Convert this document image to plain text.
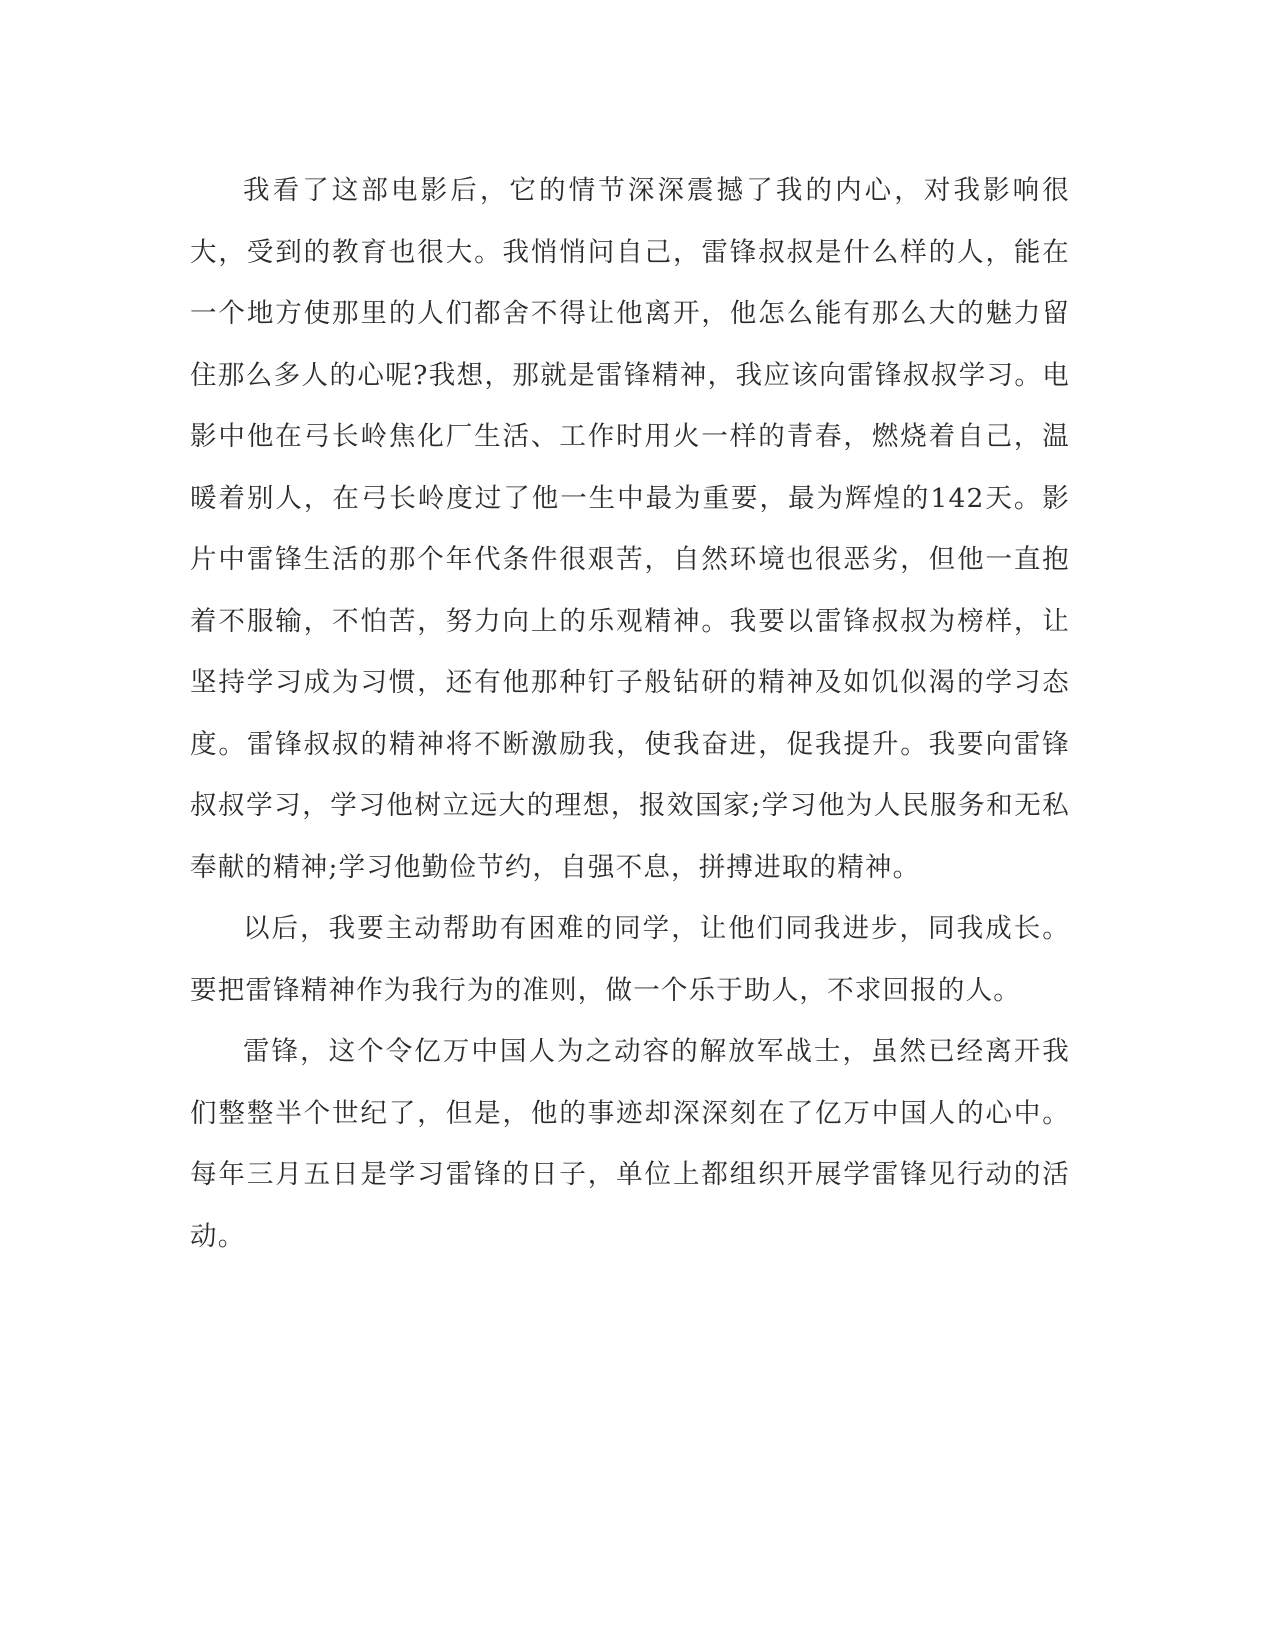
我看了这部电影后，它的情节深深震撼了我的内心，对我影响很大，受到的教育也很大。我悄悄问自己，雷锋叔叔是什么样的人，能在一个地方使那里的人们都舍不得让他离开，他怎么能有那么大的魅力留住那么多人的心呢?我想，那就是雷锋精神，我应该向雷锋叔叔学习。电影中他在弓长岭焦化厂生活、工作时用火一样的青春，燃烧着自己，温暖着别人，在弓长岭度过了他一生中最为重要，最为辉煌的142天。影片中雷锋生活的那个年代条件很艰苦，自然环境也很恶劣，但他一直抱着不服输，不怕苦，努力向上的乐观精神。我要以雷锋叔叔为榜样，让坚持学习成为习惯，还有他那种钉子般钻研的精神及如饥似渴的学习态度。雷锋叔叔的精神将不断激励我，使我奋进，促我提升。我要向雷锋叔叔学习，学习他树立远大的理想，报效国家;学习他为人民服务和无私奉献的精神;学习他勤俭节约，自强不息，拼搏进取的精神。

以后，我要主动帮助有困难的同学，让他们同我进步，同我成长。要把雷锋精神作为我行为的准则，做一个乐于助人，不求回报的人。

雷锋，这个令亿万中国人为之动容的解放军战士，虽然已经离开我们整整半个世纪了，但是，他的事迹却深深刻在了亿万中国人的心中。每年三月五日是学习雷锋的日子，单位上都组织开展学雷锋见行动的活动。
